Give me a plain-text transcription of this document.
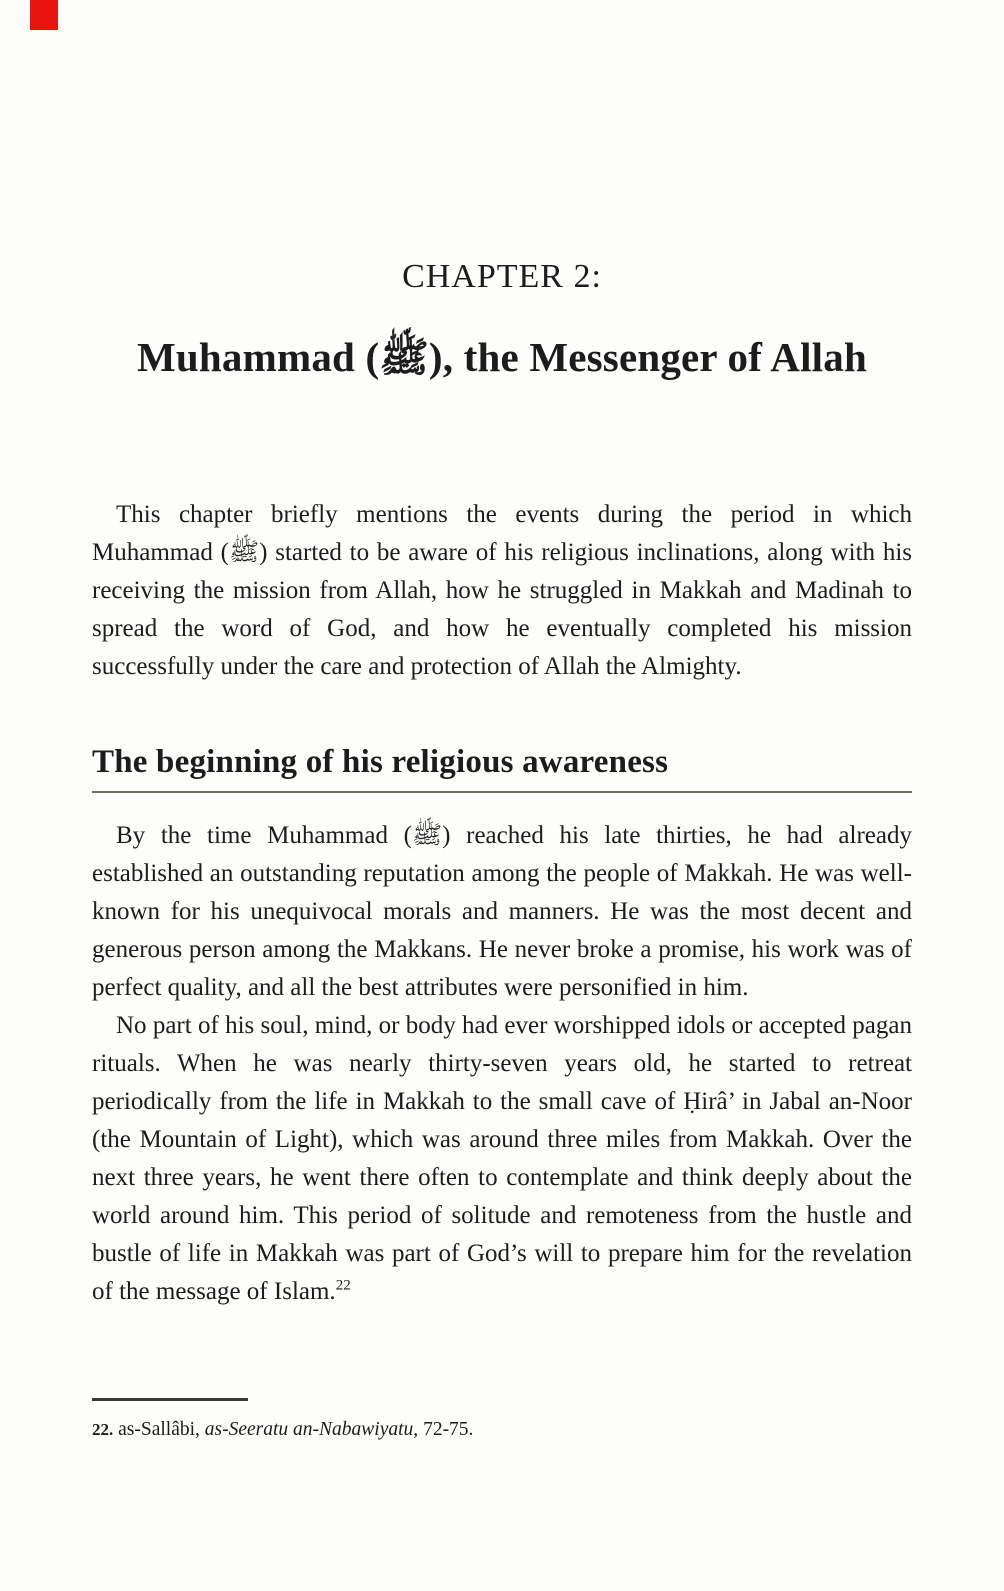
CHAPTER 2:

Muhammad (ﷺ), the Messenger of Allah

This chapter briefly mentions the events during the period in which Muhammad (ﷺ) started to be aware of his religious inclinations, along with his receiving the mission from Allah, how he struggled in Makkah and Madinah to spread the word of God, and how he eventually completed his mission successfully under the care and protection of Allah the Almighty.

The beginning of his religious awareness

By the time Muhammad (ﷺ) reached his late thirties, he had already established an outstanding reputation among the people of Makkah. He was well-known for his unequivocal morals and manners. He was the most decent and generous person among the Makkans. He never broke a promise, his work was of perfect quality, and all the best attributes were personified in him.

No part of his soul, mind, or body had ever worshipped idols or accepted pagan rituals. When he was nearly thirty-seven years old, he started to retreat periodically from the life in Makkah to the small cave of Ḥirâ’ in Jabal an-Noor (the Mountain of Light), which was around three miles from Makkah. Over the next three years, he went there often to contemplate and think deeply about the world around him. This period of solitude and remoteness from the hustle and bustle of life in Makkah was part of God’s will to prepare him for the revelation of the message of Islam.$^{22}$

22. as-Sallâbi, as-Seeratu an-Nabawiyatu, 72-75.
